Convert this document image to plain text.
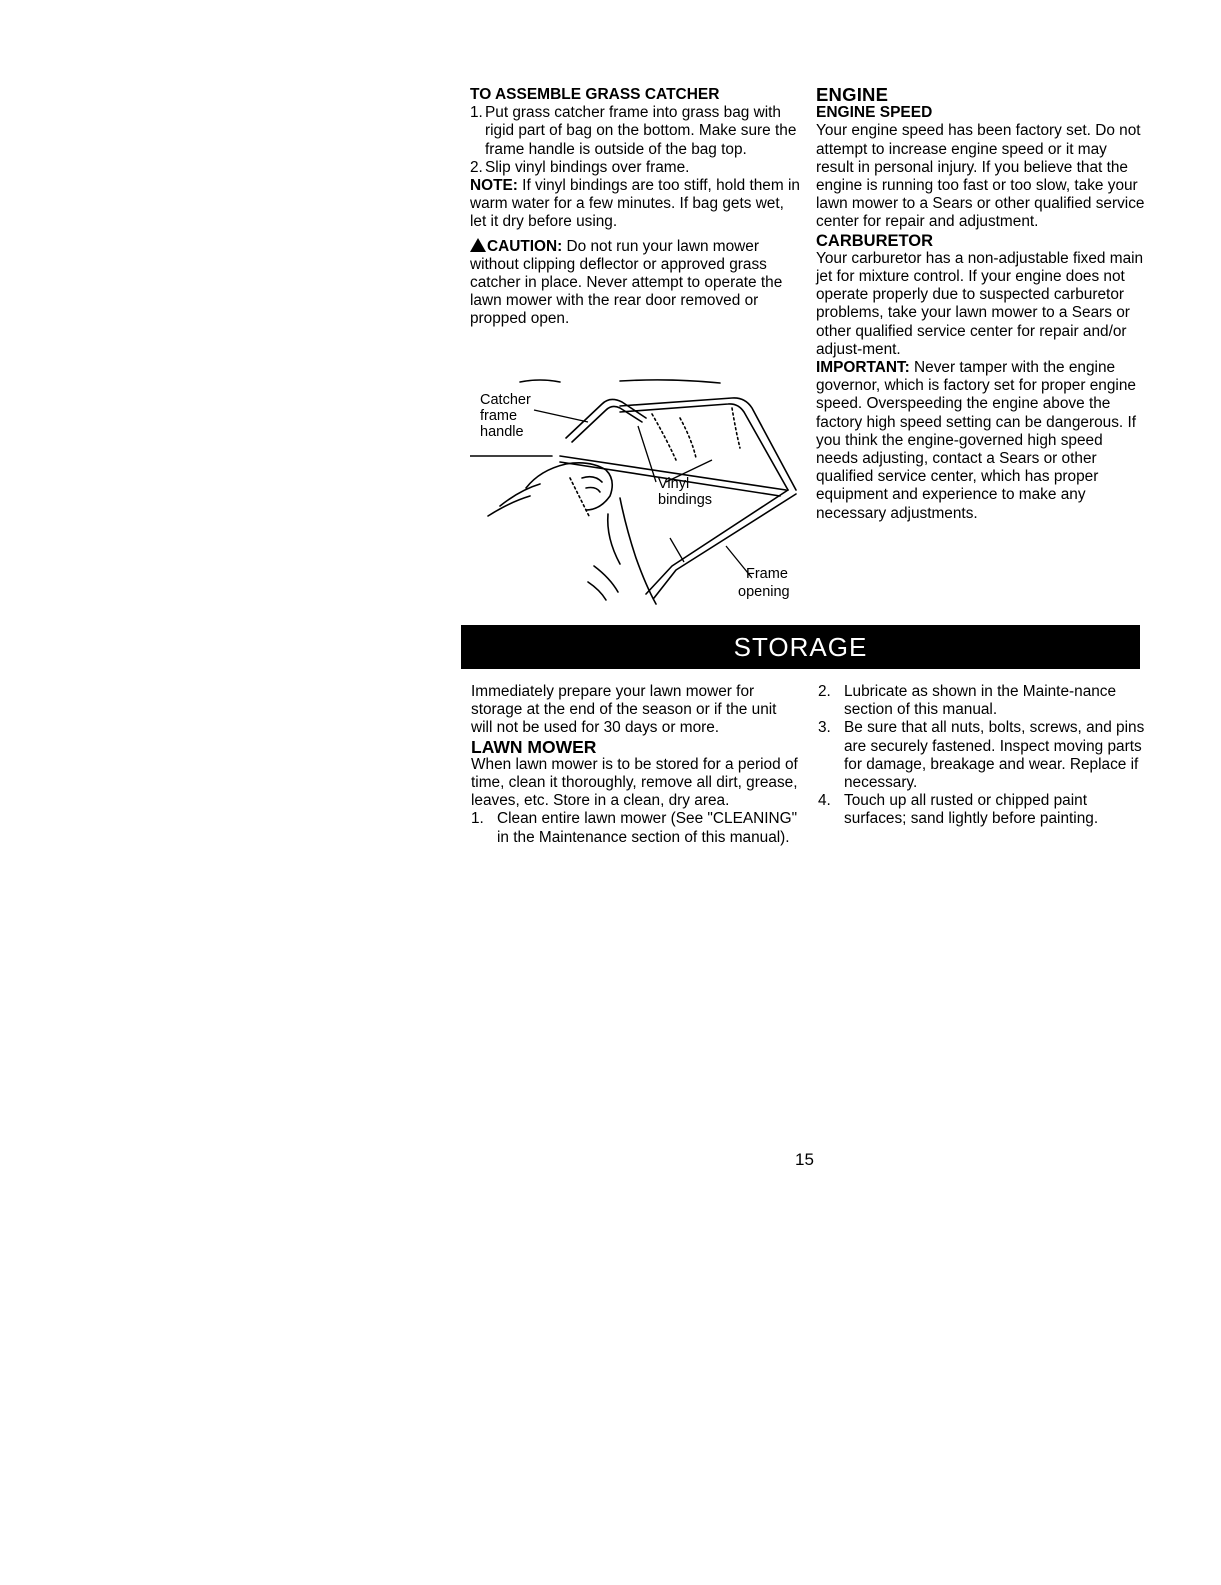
TO ASSEMBLE GRASS CATCHER

1. Put grass catcher frame into grass bag with rigid part of bag on the bottom. Make sure the frame handle is outside of the bag top.
2. Slip vinyl bindings over frame.

NOTE: If vinyl bindings are too stiff, hold them in warm water for a few minutes. If bag gets wet, let it dry before using.

CAUTION: Do not run your lawn mower without clipping deflector or approved grass catcher in place. Never attempt to operate the lawn mower with the rear door removed or propped open.

Catcher
frame
handle
Vinyl
bindings
Frame
opening

ENGINE

ENGINE SPEED

Your engine speed has been factory set. Do not attempt to increase engine speed or it may result in personal injury. If you believe that the engine is running too fast or too slow, take your lawn mower to a Sears or other qualified service center for repair and adjustment.

CARBURETOR

Your carburetor has a non-adjustable fixed main jet for mixture control. If your engine does not operate properly due to suspected carburetor problems, take your lawn mower to a Sears or other qualified service center for repair and/or adjust-ment.

IMPORTANT: Never tamper with the engine governor, which is factory set for proper engine speed. Overspeeding the engine above the factory high speed setting can be dangerous. If you think the engine-governed high speed needs adjusting, contact a Sears or other qualified service center, which has proper equipment and experience to make any necessary adjustments.

STORAGE

Immediately prepare your lawn mower for storage at the end of the season or if the unit will not be used for 30 days or more.

LAWN MOWER

When lawn mower is to be stored for a period of time, clean it thoroughly, remove all dirt, grease, leaves, etc. Store in a clean, dry area.

1. Clean entire lawn mower (See "CLEANING" in the Maintenance section of this manual).
2. Lubricate as shown in the Mainte-nance section of this manual.
3. Be sure that all nuts, bolts, screws, and pins are securely fastened. Inspect moving parts for damage, breakage and wear. Replace if necessary.
4. Touch up all rusted or chipped paint surfaces; sand lightly before painting.
15
